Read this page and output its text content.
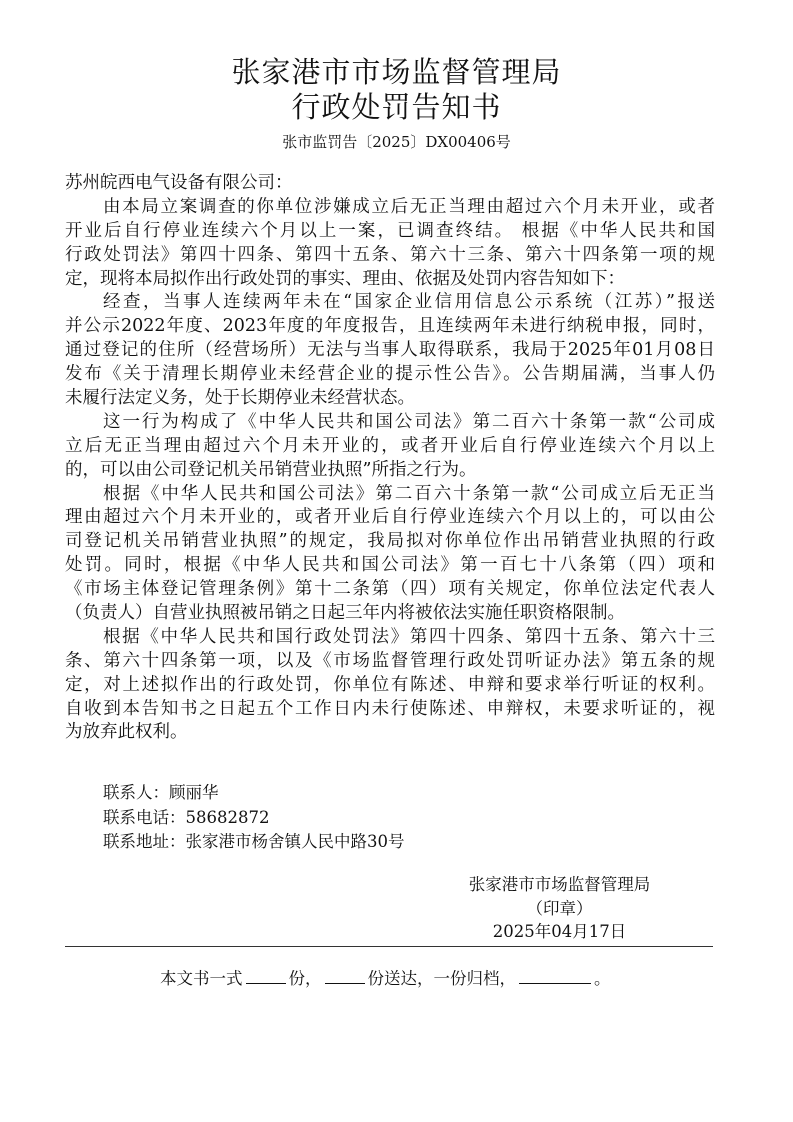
张家港市市场监督管理局
行政处罚告知书
张市监罚告〔2025〕DX00406号
苏州皖西电气设备有限公司：
由本局立案调查的你单位涉嫌成立后无正当理由超过六个月未开业，或者
开业后自行停业连续六个月以上一案，已调查终结。 根据《中华人民共和国
行政处罚法》第四十四条、第四十五条、第六十三条、第六十四条第一项的规
定，现将本局拟作出行政处罚的事实、理由、依据及处罚内容告知如下：
经查，当事人连续两年未在“国家企业信用信息公示系统（江苏）”报送
并公示2022年度、2023年度的年度报告，且连续两年未进行纳税申报，同时，
通过登记的住所（经营场所）无法与当事人取得联系，我局于2025年01月08日
发布《关于清理长期停业未经营企业的提示性公告》。公告期届满，当事人仍
未履行法定义务，处于长期停业未经营状态。
这一行为构成了《中华人民共和国公司法》第二百六十条第一款“公司成
立后无正当理由超过六个月未开业的，或者开业后自行停业连续六个月以上
的，可以由公司登记机关吊销营业执照”所指之行为。
根据《中华人民共和国公司法》第二百六十条第一款“公司成立后无正当
理由超过六个月未开业的，或者开业后自行停业连续六个月以上的，可以由公
司登记机关吊销营业执照”的规定，我局拟对你单位作出吊销营业执照的行政
处罚。同时，根据《中华人民共和国公司法》第一百七十八条第（四）项和
《市场主体登记管理条例》第十二条第（四）项有关规定，你单位法定代表人
（负责人）自营业执照被吊销之日起三年内将被依法实施任职资格限制。
根据《中华人民共和国行政处罚法》第四十四条、第四十五条、第六十三
条、第六十四条第一项，以及《市场监督管理行政处罚听证办法》第五条的规
定，对上述拟作出的行政处罚，你单位有陈述、申辩和要求举行听证的权利。
自收到本告知书之日起五个工作日内未行使陈述、申辩权，未要求听证的，视
为放弃此权利。
联系人：顾丽华
联系电话：58682872
联系地址：张家港市杨舍镇人民中路30号
张家港市市场监督管理局
（印章）
2025年04月17日
本文书一式	份，	份送达，一份归档，	。
